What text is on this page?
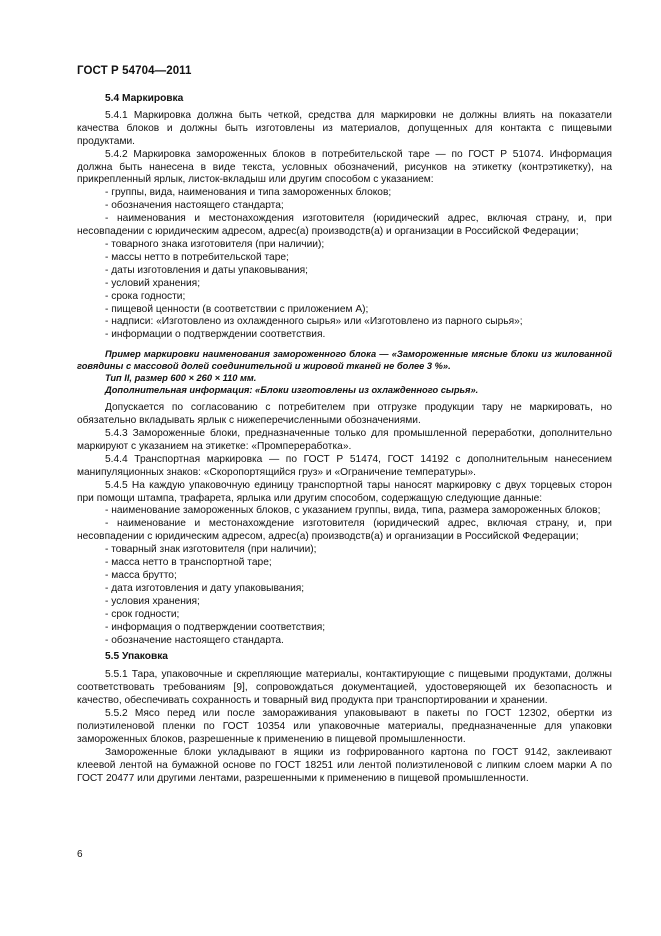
ГОСТ Р 54704—2011

5.4 Маркировка

5.4.1 Маркировка должна быть четкой, средства для маркировки не должны влиять на показатели качества блоков и должны быть изготовлены из материалов, допущенных для контакта с пищевыми продуктами.

5.4.2 Маркировка замороженных блоков в потребительской таре — по ГОСТ Р 51074. Информация должна быть нанесена в виде текста, условных обозначений, рисунков на этикетку (контрэтикетку), на прикрепленный ярлык, листок-вкладыш или другим способом с указанием:

- группы, вида, наименования и типа замороженных блоков;
- обозначения настоящего стандарта;
- наименования и местонахождения изготовителя (юридический адрес, включая страну, и, при несовпадении с юридическим адресом, адрес(а) производств(а) и организации в Российской Федерации;
- товарного знака изготовителя (при наличии);
- массы нетто в потребительской таре;
- даты изготовления и даты упаковывания;
- условий хранения;
- срока годности;
- пищевой ценности (в соответствии с приложением А);
- надписи: «Изготовлено из охлажденного сырья» или «Изготовлено из парного сырья»;
- информации о подтверждении соответствия.

Пример маркировки наименования замороженного блока — «Замороженные мясные блоки из жилованной говядины с массовой долей соединительной и жировой тканей не более 3 %».

Тип II, размер 600 × 260 × 110 мм.

Дополнительная информация: «Блоки изготовлены из охлажденного сырья».

Допускается по согласованию с потребителем при отгрузке продукции тару не маркировать, но обязательно вкладывать ярлык с нижеперечисленными обозначениями.

5.4.3 Замороженные блоки, предназначенные только для промышленной переработки, дополнительно маркируют с указанием на этикетке: «Промпереработка».

5.4.4 Транспортная маркировка — по ГОСТ Р 51474, ГОСТ 14192 с дополнительным нанесением манипуляционных знаков: «Скоропортящийся груз» и «Ограничение температуры».

5.4.5 На каждую упаковочную единицу транспортной тары наносят маркировку с двух торцевых сторон при помощи штампа, трафарета, ярлыка или другим способом, содержащую следующие данные:

- наименование замороженных блоков, с указанием группы, вида, типа, размера замороженных блоков;
- наименование и местонахождение изготовителя (юридический адрес, включая страну, и, при несовпадении с юридическим адресом, адрес(а) производств(а) и организации в Российской Федерации;
- товарный знак изготовителя (при наличии);
- масса нетто в транспортной таре;
- масса брутто;
- дата изготовления и дату упаковывания;
- условия хранения;
- срок годности;
- информация о подтверждении соответствия;
- обозначение настоящего стандарта.

5.5 Упаковка

5.5.1 Тара, упаковочные и скрепляющие материалы, контактирующие с пищевыми продуктами, должны соответствовать требованиям [9], сопровождаться документацией, удостоверяющей их безопасность и качество, обеспечивать сохранность и товарный вид продукта при транспортировании и хранении.

5.5.2 Мясо перед или после замораживания упаковывают в пакеты по ГОСТ 12302, обертки из полиэтиленовой пленки по ГОСТ 10354 или упаковочные материалы, предназначенные для упаковки замороженных блоков, разрешенные к применению в пищевой промышленности.

Замороженные блоки укладывают в ящики из гофрированного картона по ГОСТ 9142, заклеивают клеевой лентой на бумажной основе по ГОСТ 18251 или лентой полиэтиленовой с липким слоем марки А по ГОСТ 20477 или другими лентами, разрешенными к применению в пищевой промышленности.

6
